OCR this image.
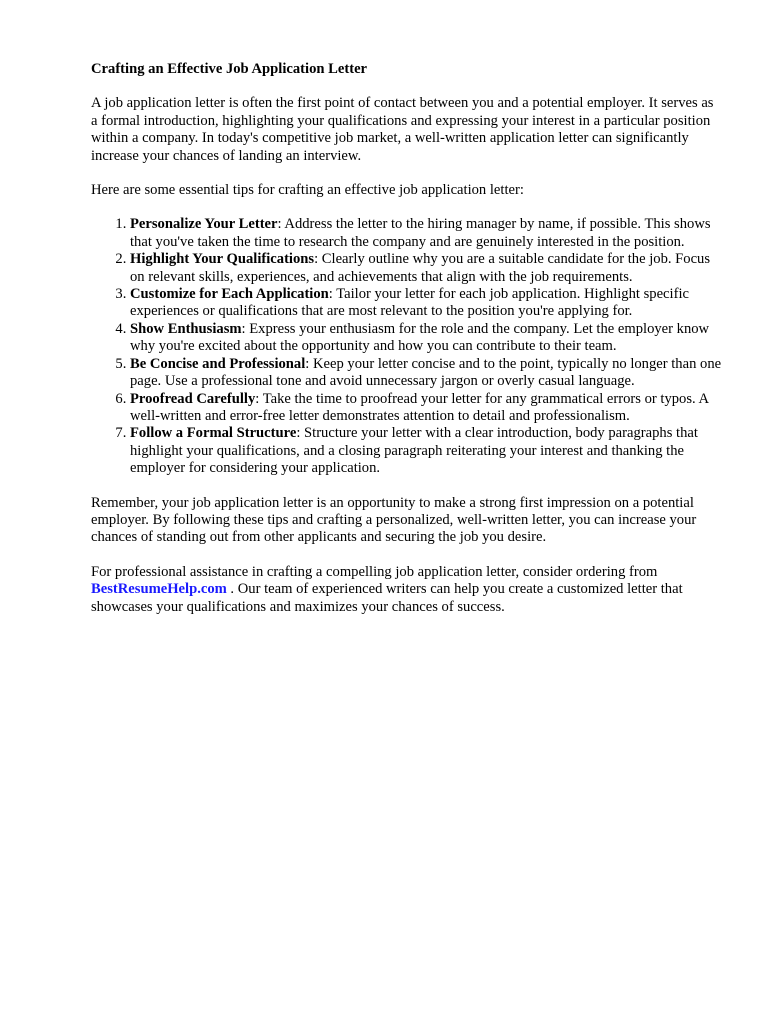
Crafting an Effective Job Application Letter

A job application letter is often the first point of contact between you and a potential employer. It serves as a formal introduction, highlighting your qualifications and expressing your interest in a particular position within a company. In today's competitive job market, a well-written application letter can significantly increase your chances of landing an interview.

Here are some essential tips for crafting an effective job application letter:

1. Personalize Your Letter: Address the letter to the hiring manager by name, if possible. This shows that you've taken the time to research the company and are genuinely interested in the position.
2. Highlight Your Qualifications: Clearly outline why you are a suitable candidate for the job. Focus on relevant skills, experiences, and achievements that align with the job requirements.
3. Customize for Each Application: Tailor your letter for each job application. Highlight specific experiences or qualifications that are most relevant to the position you're applying for.
4. Show Enthusiasm: Express your enthusiasm for the role and the company. Let the employer know why you're excited about the opportunity and how you can contribute to their team.
5. Be Concise and Professional: Keep your letter concise and to the point, typically no longer than one page. Use a professional tone and avoid unnecessary jargon or overly casual language.
6. Proofread Carefully: Take the time to proofread your letter for any grammatical errors or typos. A well-written and error-free letter demonstrates attention to detail and professionalism.
7. Follow a Formal Structure: Structure your letter with a clear introduction, body paragraphs that highlight your qualifications, and a closing paragraph reiterating your interest and thanking the employer for considering your application.

Remember, your job application letter is an opportunity to make a strong first impression on a potential employer. By following these tips and crafting a personalized, well-written letter, you can increase your chances of standing out from other applicants and securing the job you desire.

For professional assistance in crafting a compelling job application letter, consider ordering from BestResumeHelp.com . Our team of experienced writers can help you create a customized letter that showcases your qualifications and maximizes your chances of success.
